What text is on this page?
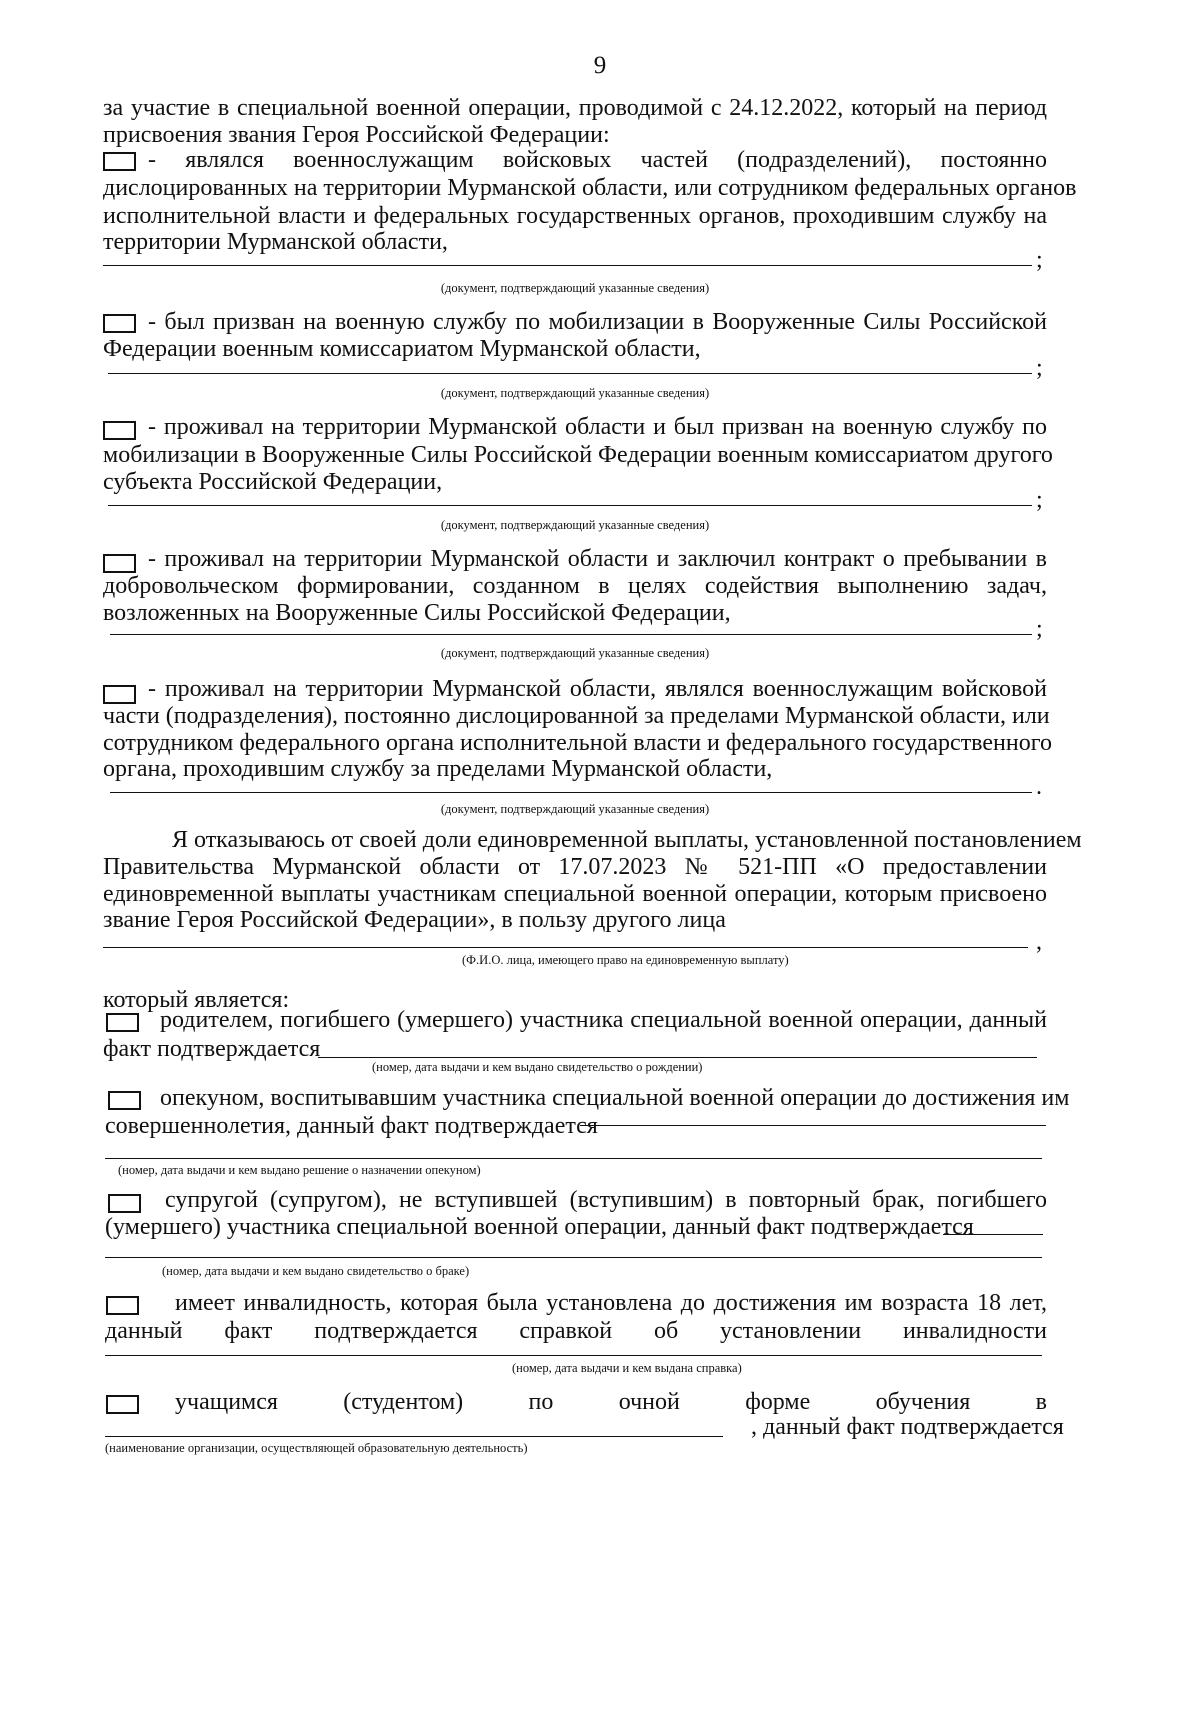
9
за участие в специальной военной операции, проводимой с 24.12.2022, который на период
присвоения звания Героя Российской Федерации:
- являлся военнослужащим войсковых частей (подразделений), постоянно
дислоцированных на территории Мурманской области, или сотрудником федеральных органов
исполнительной власти и федеральных государственных органов, проходившим службу на
территории Мурманской области,
;
(документ, подтверждающий указанные сведения)
- был призван на военную службу по мобилизации в Вооруженные Силы Российской
Федерации военным комиссариатом Мурманской области,
;
(документ, подтверждающий указанные сведения)
- проживал на территории Мурманской области и был призван на военную службу по
мобилизации в Вооруженные Силы Российской Федерации военным комиссариатом другого
субъекта Российской Федерации,
;
(документ, подтверждающий указанные сведения)
- проживал на территории Мурманской области и заключил контракт о пребывании в
добровольческом формировании, созданном в целях содействия выполнению задач,
возложенных на Вооруженные Силы Российской Федерации,
;
(документ, подтверждающий указанные сведения)
- проживал на территории Мурманской области, являлся военнослужащим войсковой
части (подразделения), постоянно дислоцированной за пределами Мурманской области, или
сотрудником федерального органа исполнительной власти и федерального государственного
органа, проходившим службу за пределами Мурманской области,
.
(документ, подтверждающий указанные сведения)
Я отказываюсь от своей доли единовременной выплаты, установленной постановлением
Правительства Мурманской области от 17.07.2023 № 521-ПП «О предоставлении
единовременной выплаты участникам специальной военной операции, которым присвоено
звание Героя Российской Федерации», в пользу другого лица
,
(Ф.И.О. лица, имеющего право на единовременную выплату)
который является:
родителем, погибшего (умершего) участника специальной военной операции, данный
факт подтверждается
(номер, дата выдачи и кем выдано свидетельство о рождении)
опекуном, воспитывавшим участника специальной военной операции до достижения им
совершеннолетия, данный факт подтверждается
(номер, дата выдачи и кем выдано решение о назначении опекуном)
супругой (супругом), не вступившей (вступившим) в повторный брак, погибшего
(умершего) участника специальной военной операции, данный факт подтверждается
(номер, дата выдачи и кем выдано свидетельство о браке)
имеет инвалидность, которая была установлена до достижения им возраста 18 лет,
данный факт подтверждается справкой об установлении инвалидности
(номер, дата выдачи и кем выдана справка)
учащимся (студентом) по очной форме обучения в
, данный факт подтверждается
(наименование организации, осуществляющей образовательную деятельность)
